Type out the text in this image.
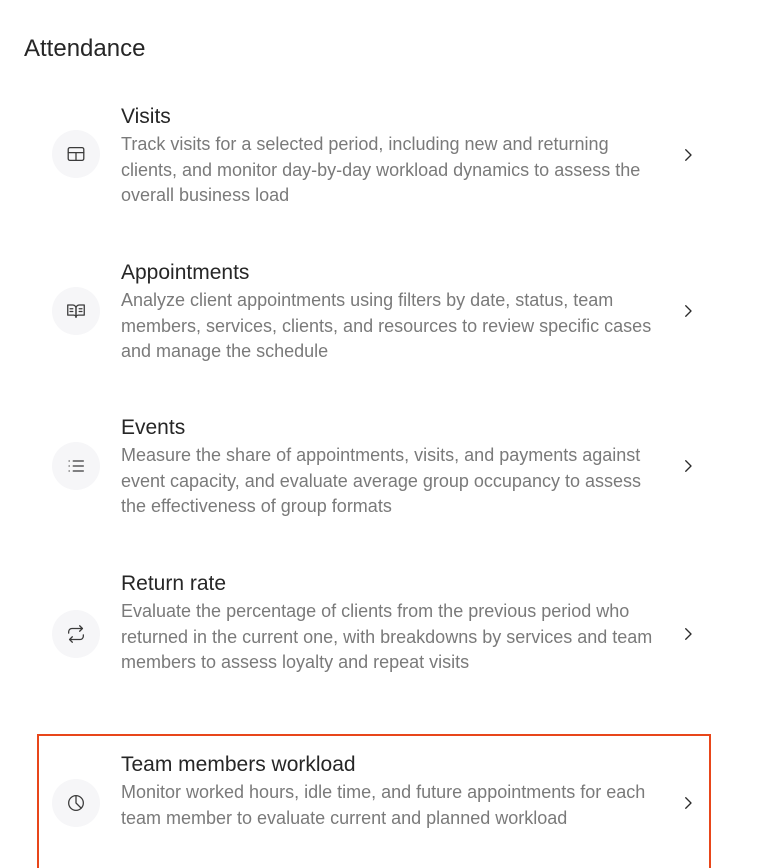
Attendance
Visits
Track visits for a selected period, including new and returning clients, and monitor day-by-day workload dynamics to assess the overall business load
Appointments
Analyze client appointments using filters by date, status, team members, services, clients, and resources to review specific cases and manage the schedule
Events
Measure the share of appointments, visits, and payments against event capacity, and evaluate average group occupancy to assess the effectiveness of group formats
Return rate
Evaluate the percentage of clients from the previous period who returned in the current one, with breakdowns by services and team members to assess loyalty and repeat visits
Team members workload
Monitor worked hours, idle time, and future appointments for each team member to evaluate current and planned workload
